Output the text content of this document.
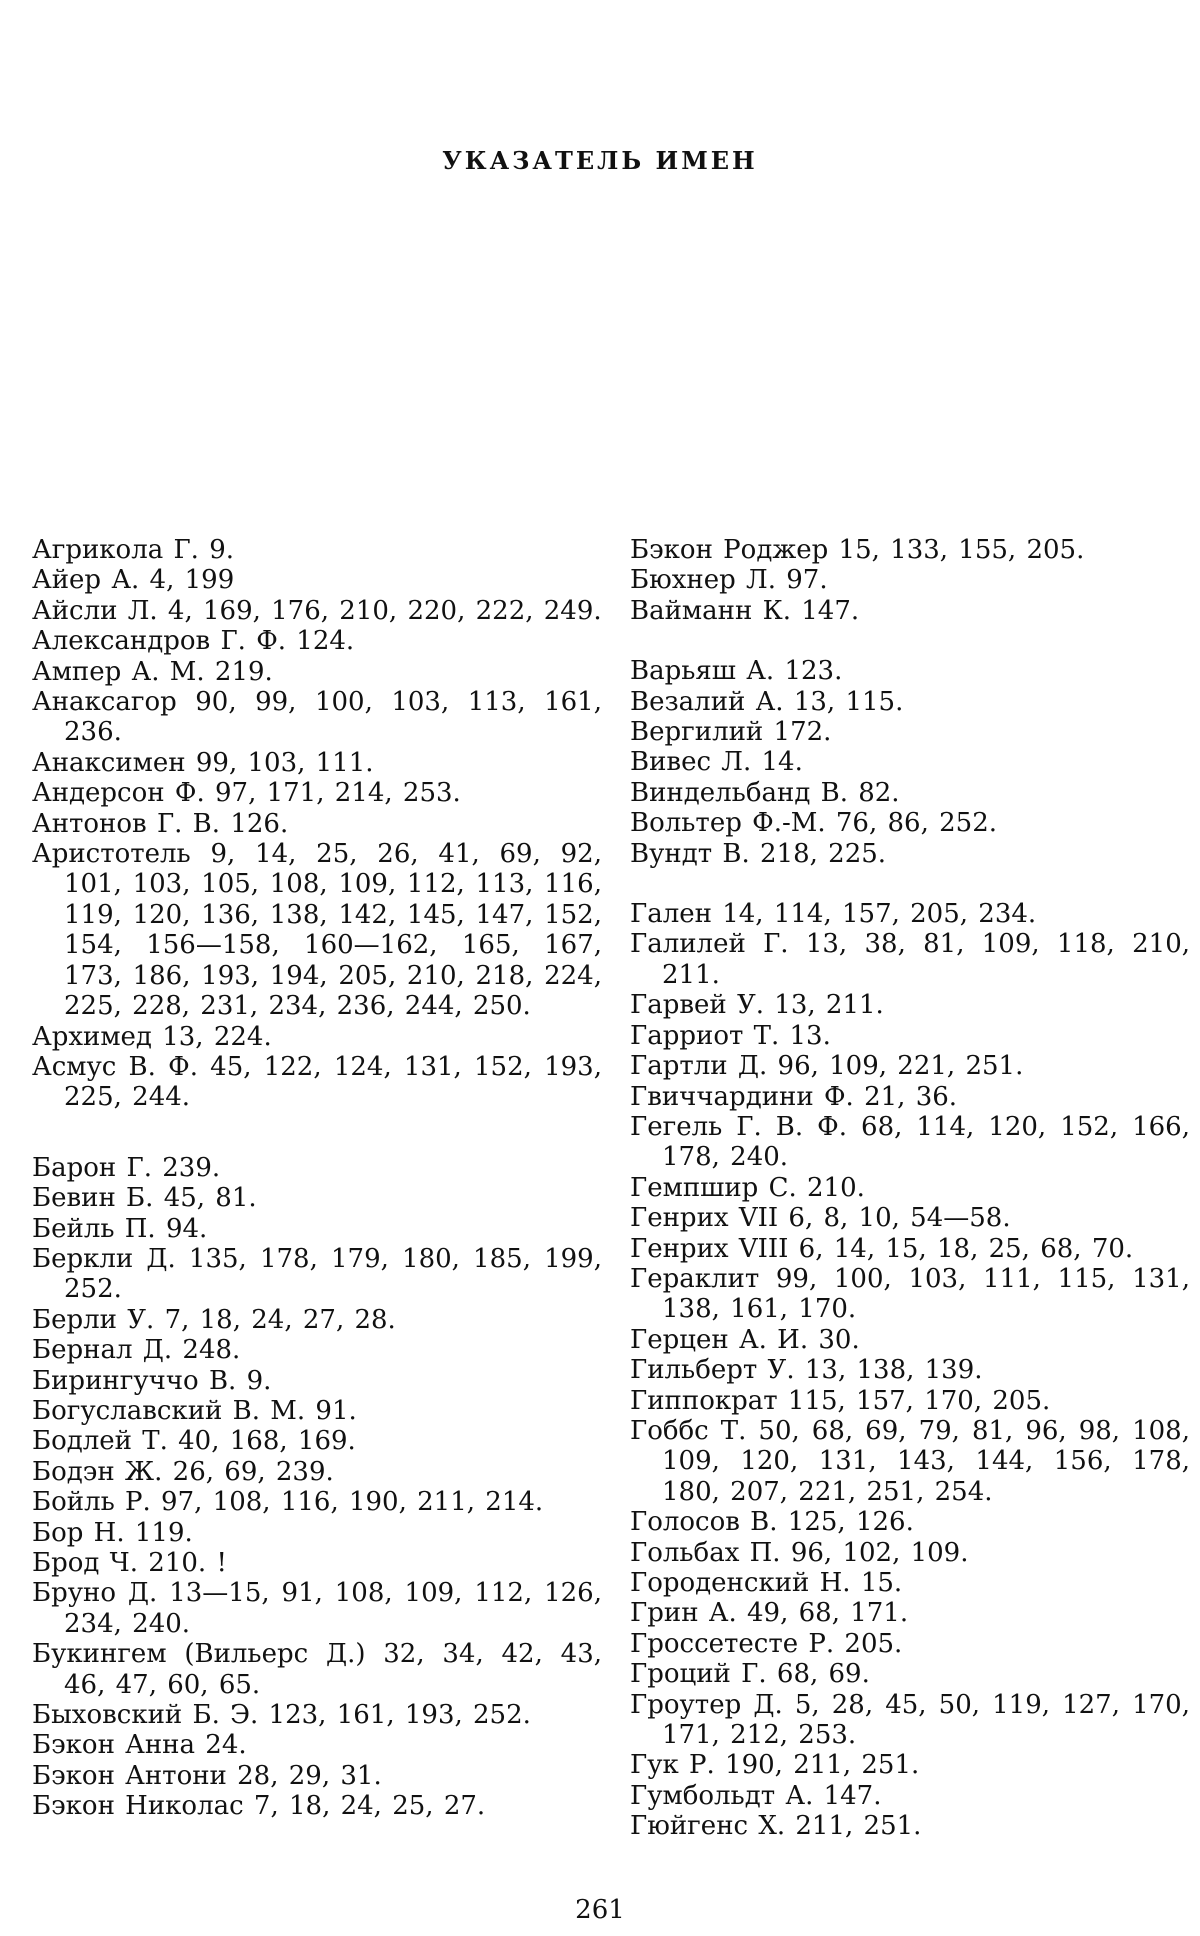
УКАЗАТЕЛЬ ИМЕН
Агрикола Г. 9.
Айер А. 4, 199
Айсли Л. 4, 169, 176, 210, 220, 222, 249.
Александров Г. Ф. 124.
Ампер А. М. 219.
Анаксагор 90, 99, 100, 103, 113, 161, 236.
Анаксимен 99, 103, 111.
Андерсон Ф. 97, 171, 214, 253.
Антонов Г. В. 126.
Аристотель 9, 14, 25, 26, 41, 69, 92, 101, 103, 105, 108, 109, 112, 113, 116, 119, 120, 136, 138, 142, 145, 147, 152, 154, 156—158, 160—162, 165, 167, 173, 186, 193, 194, 205, 210, 218, 224, 225, 228, 231, 234, 236, 244, 250.
Архимед 13, 224.
Асмус В. Ф. 45, 122, 124, 131, 152, 193, 225, 244.
Барон Г. 239.
Бевин Б. 45, 81.
Бейль П. 94.
Беркли Д. 135, 178, 179, 180, 185, 199, 252.
Берли У. 7, 18, 24, 27, 28.
Бернал Д. 248.
Бирингуччо В. 9.
Богуславский В. М. 91.
Бодлей Т. 40, 168, 169.
Бодэн Ж. 26, 69, 239.
Бойль Р. 97, 108, 116, 190, 211, 214.
Бор Н. 119.
Брод Ч. 210. !
Бруно Д. 13—15, 91, 108, 109, 112, 126, 234, 240.
Букингем (Вильерс Д.) 32, 34, 42, 43, 46, 47, 60, 65.
Быховский Б. Э. 123, 161, 193, 252.
Бэкон Анна 24.
Бэкон Антони 28, 29, 31.
Бэкон Николас 7, 18, 24, 25, 27.
Бэкон Роджер 15, 133, 155, 205.
Бюхнер Л. 97.
Вайманн К. 147.
Варьяш А. 123.
Везалий А. 13, 115.
Вергилий 172.
Вивес Л. 14.
Виндельбанд В. 82.
Вольтер Ф.-М. 76, 86, 252.
Вундт В. 218, 225.
Гален 14, 114, 157, 205, 234.
Галилей Г. 13, 38, 81, 109, 118, 210, 211.
Гарвей У. 13, 211.
Гарриот Т. 13.
Гартли Д. 96, 109, 221, 251.
Гвиччардини Ф. 21, 36.
Гегель Г. В. Ф. 68, 114, 120, 152, 166, 178, 240.
Гемпшир С. 210.
Генрих VII 6, 8, 10, 54—58.
Генрих VIII 6, 14, 15, 18, 25, 68, 70.
Гераклит 99, 100, 103, 111, 115, 131, 138, 161, 170.
Герцен А. И. 30.
Гильберт У. 13, 138, 139.
Гиппократ 115, 157, 170, 205.
Гоббс Т. 50, 68, 69, 79, 81, 96, 98, 108, 109, 120, 131, 143, 144, 156, 178, 180, 207, 221, 251, 254.
Голосов В. 125, 126.
Гольбах П. 96, 102, 109.
Городенский Н. 15.
Грин А. 49, 68, 171.
Гроссетесте Р. 205.
Гроций Г. 68, 69.
Гроутер Д. 5, 28, 45, 50, 119, 127, 170, 171, 212, 253.
Гук Р. 190, 211, 251.
Гумбольдт А. 147.
Гюйгенс Х. 211, 251.
261
